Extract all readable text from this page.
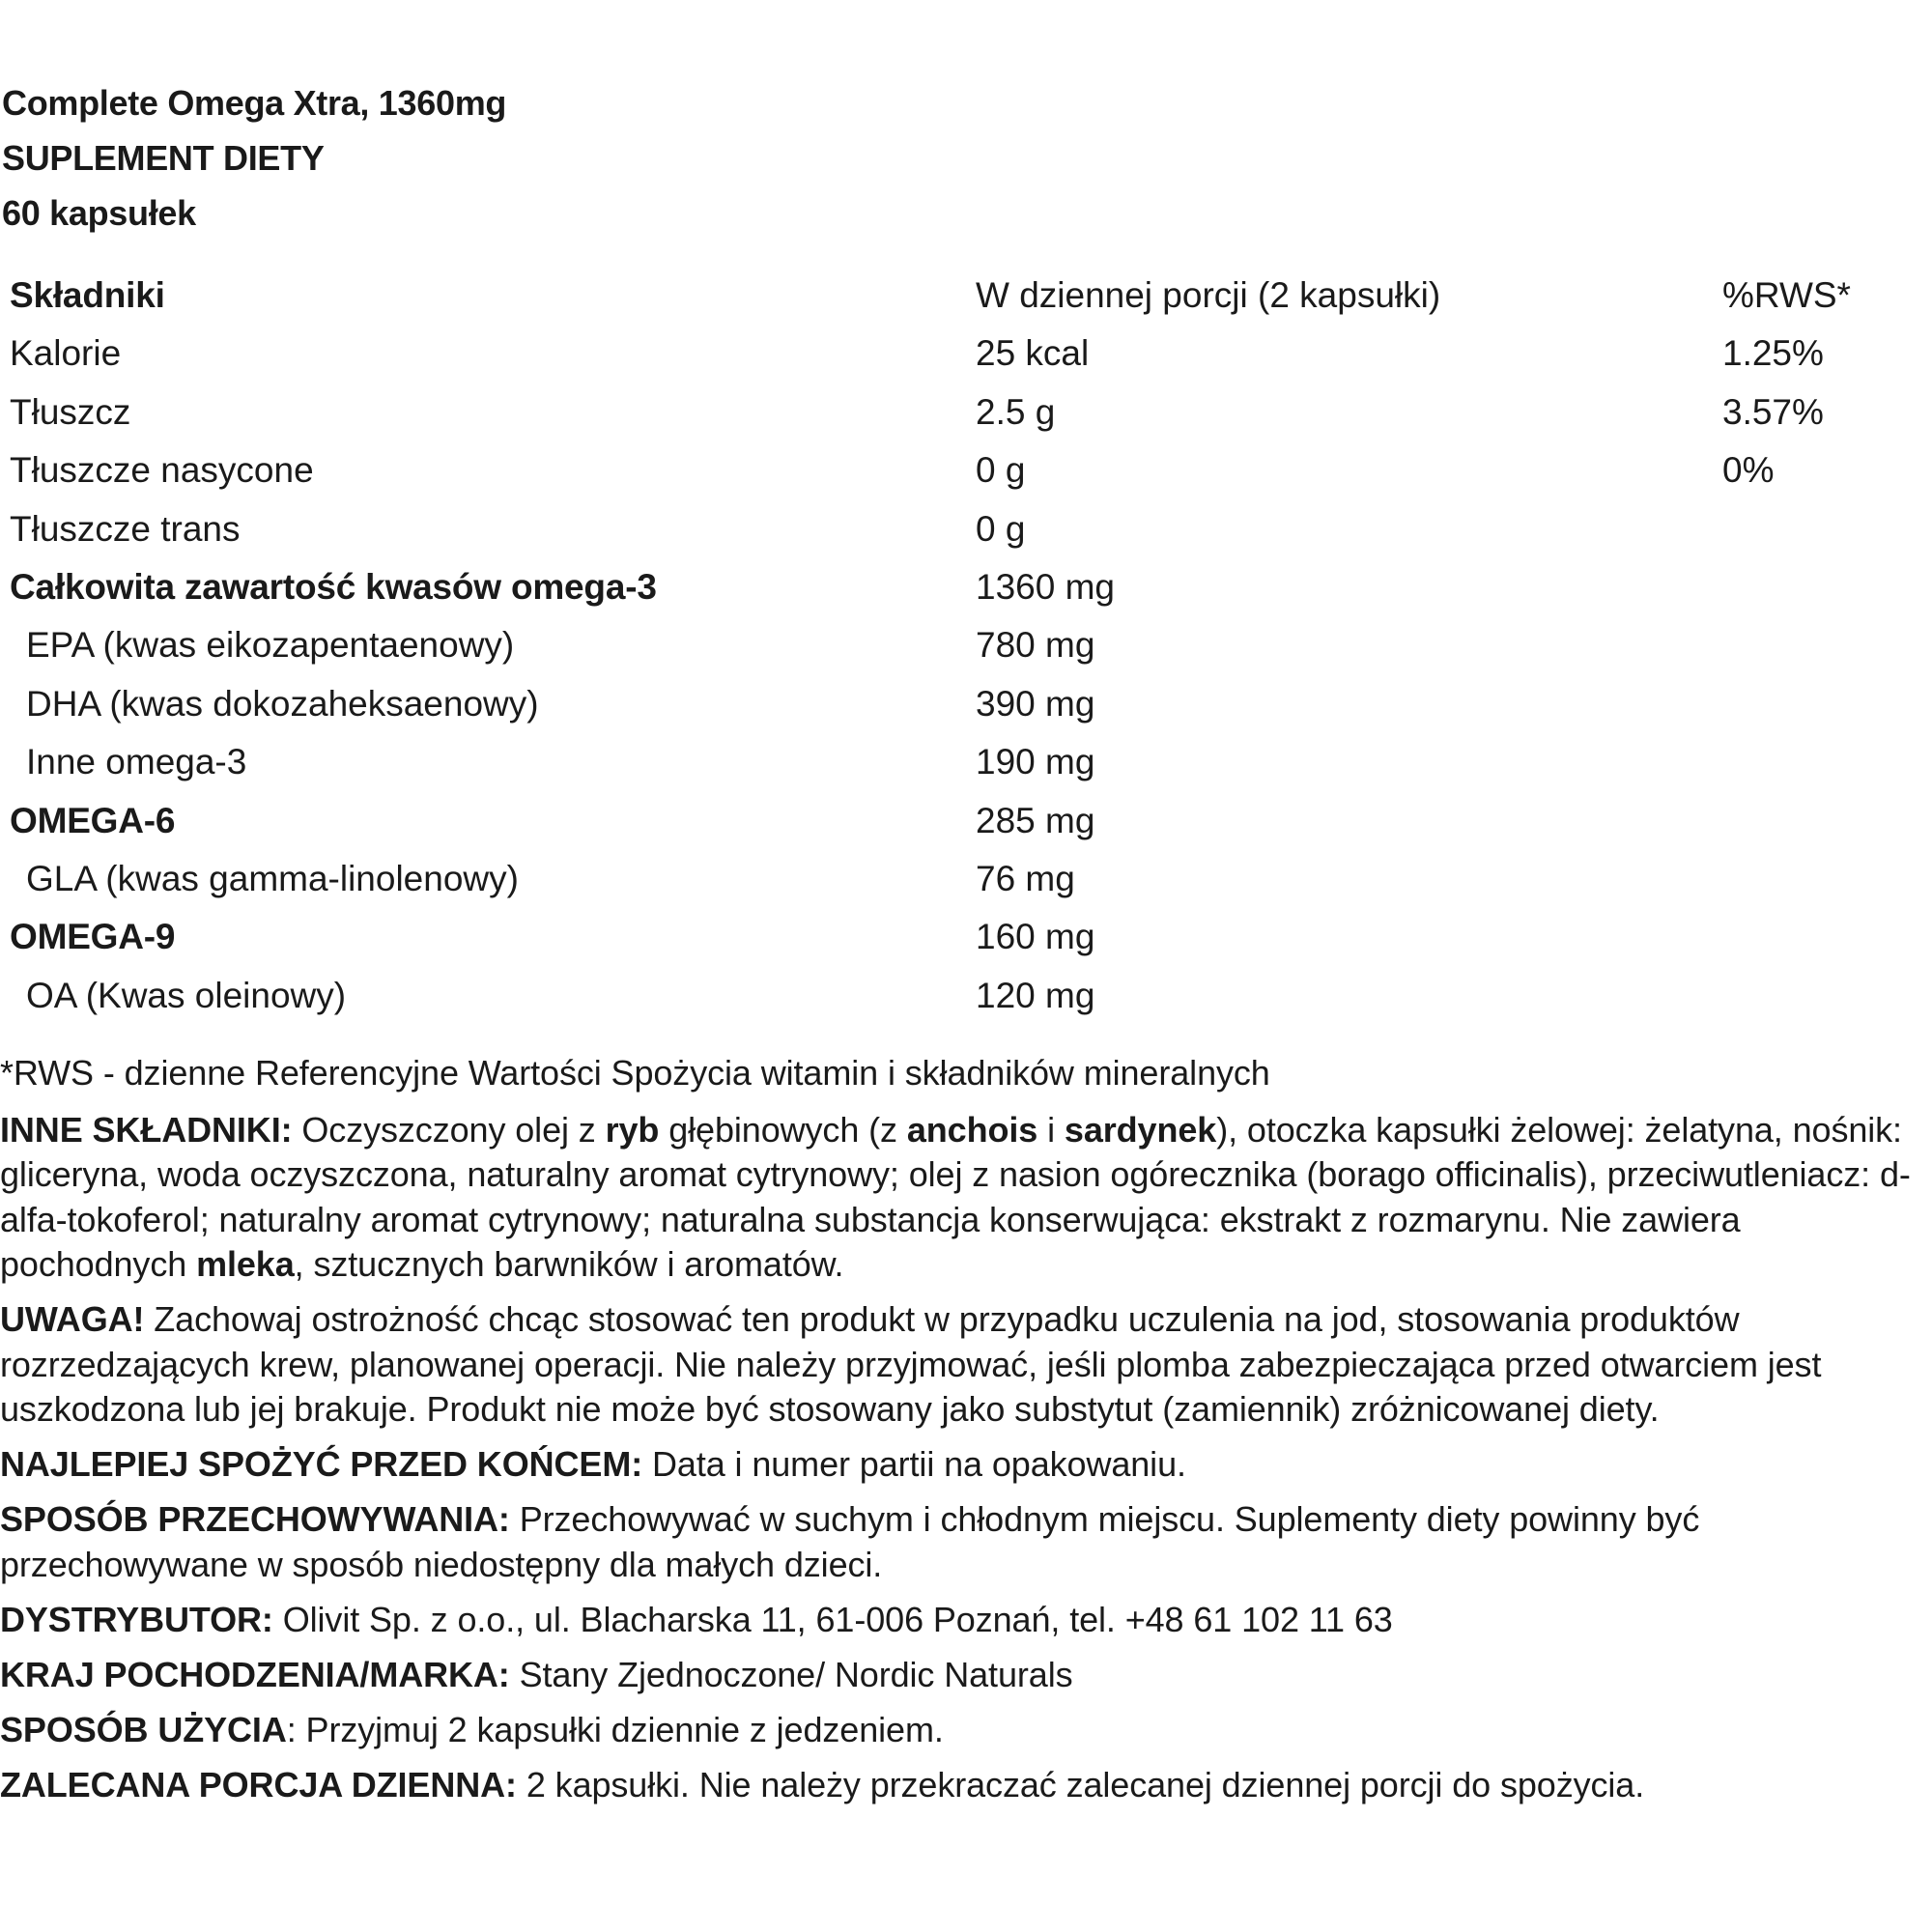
Complete Omega Xtra, 1360mg
SUPLEMENT DIETY
60 kapsułek
Składniki	W dziennej porcji (2 kapsułki)	%RWS*
Kalorie	25 kcal	1.25%
Tłuszcz	2.5 g	3.57%
Tłuszcze nasycone	0 g	0%
Tłuszcze trans	0 g
Całkowita zawartość kwasów omega-3	1360 mg
EPA (kwas eikozapentaenowy)	780 mg
DHA (kwas dokozaheksaenowy)	390 mg
Inne omega-3	190 mg
OMEGA-6	285 mg
GLA (kwas gamma-linolenowy)	76 mg
OMEGA-9	160 mg
OA (Kwas oleinowy)	120 mg

*RWS - dzienne Referencyjne Wartości Spożycia witamin i składników mineralnych

INNE SKŁADNIKI: Oczyszczony olej z ryb głębinowych (z anchois i sardynek), otoczka kapsułki żelowej: żelatyna, nośnik: gliceryna, woda oczyszczona, naturalny aromat cytrynowy; olej z nasion ogórecznika (borago officinalis), przeciwutleniacz: d-alfa-tokoferol; naturalny aromat cytrynowy; naturalna substancja konserwująca: ekstrakt z rozmarynu. Nie zawiera pochodnych mleka, sztucznych barwników i aromatów.

UWAGA! Zachowaj ostrożność chcąc stosować ten produkt w przypadku uczulenia na jod, stosowania produktów rozrzedzających krew, planowanej operacji. Nie należy przyjmować, jeśli plomba zabezpieczająca przed otwarciem jest uszkodzona lub jej brakuje. Produkt nie może być stosowany jako substytut (zamiennik) zróżnicowanej diety.

NAJLEPIEJ SPOŻYĆ PRZED KOŃCEM: Data i numer partii na opakowaniu.

SPOSÓB PRZECHOWYWANIA: Przechowywać w suchym i chłodnym miejscu. Suplementy diety powinny być przechowywane w sposób niedostępny dla małych dzieci.

DYSTRYBUTOR: Olivit Sp. z o.o., ul. Blacharska 11, 61-006 Poznań, tel. +48 61 102 11 63

KRAJ POCHODZENIA/MARKA: Stany Zjednoczone/ Nordic Naturals

SPOSÓB UŻYCIA: Przyjmuj 2 kapsułki dziennie z jedzeniem.

ZALECANA PORCJA DZIENNA: 2 kapsułki. Nie należy przekraczać zalecanej dziennej porcji do spożycia.
